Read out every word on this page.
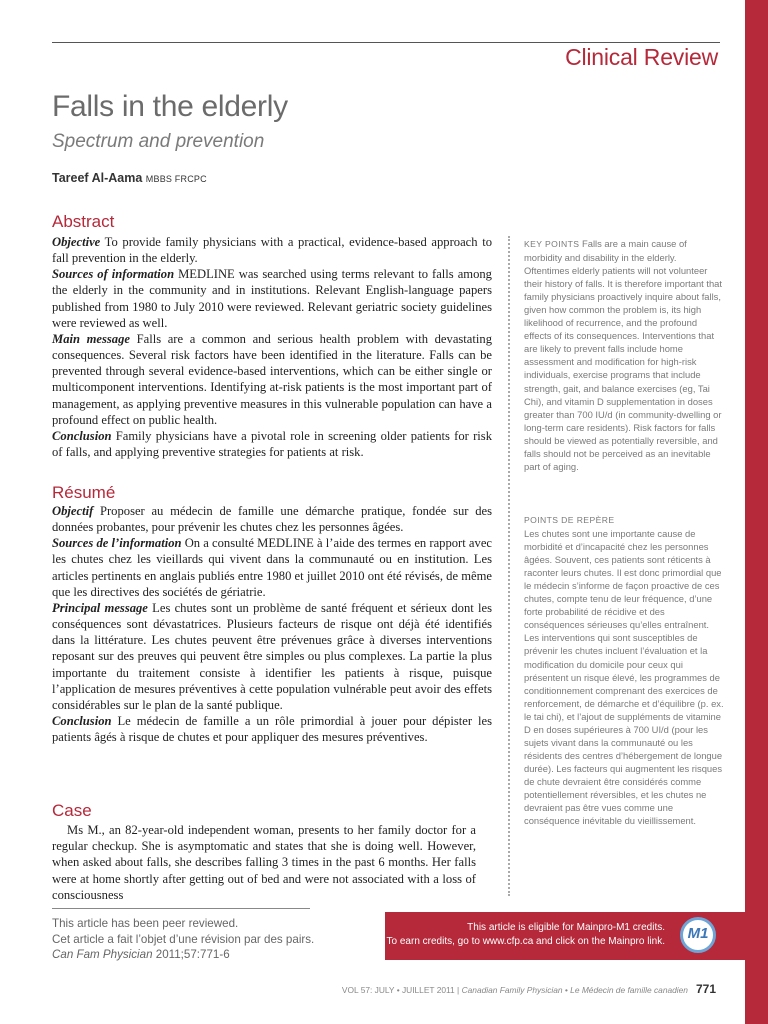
Clinical Review
Falls in the elderly
Spectrum and prevention
Tareef Al-Aama MBBS FRCPC
Abstract

Objective To provide family physicians with a practical, evidence-based approach to fall prevention in the elderly.

Sources of information MEDLINE was searched using terms relevant to falls among the elderly in the community and in institutions. Relevant English-language papers published from 1980 to July 2010 were reviewed. Relevant geriatric society guidelines were reviewed as well.

Main message Falls are a common and serious health problem with devastating consequences. Several risk factors have been identified in the literature. Falls can be prevented through several evidence-based interventions, which can be either single or multicomponent interventions. Identifying at-risk patients is the most important part of management, as applying preventive measures in this vulnerable population can have a profound effect on public health.

Conclusion Family physicians have a pivotal role in screening older patients for risk of falls, and applying preventive strategies for patients at risk.

Résumé

Objectif Proposer au médecin de famille une démarche pratique, fondée sur des données probantes, pour prévenir les chutes chez les personnes âgées.

Sources de l’information On a consulté MEDLINE à l’aide des termes en rapport avec les chutes chez les vieillards qui vivent dans la communauté ou en institution. Les articles pertinents en anglais publiés entre 1980 et juillet 2010 ont été révisés, de même que les directives des sociétés de gériatrie.

Principal message Les chutes sont un problème de santé fréquent et sérieux dont les conséquences sont dévastatrices. Plusieurs facteurs de risque ont déjà été identifiés dans la littérature. Les chutes peuvent être prévenues grâce à diverses interventions reposant sur des preuves qui peuvent être simples ou plus complexes. La partie la plus importante du traitement consiste à identifier les patients à risque, puisque l’application de mesures préventives à cette population vulnérable peut avoir des effets considérables sur le plan de la santé publique.

Conclusion Le médecin de famille a un rôle primordial à jouer pour dépister les patients âgés à risque de chutes et pour appliquer des mesures préventives.

Case

Ms M., an 82-year-old independent woman, presents to her family doctor for a regular checkup. She is asymptomatic and states that she is doing well. However, when asked about falls, she describes falling 3 times in the past 6 months. Her falls were at home shortly after getting out of bed and were not associated with a loss of consciousness

KEY POINTS Falls are a main cause of morbidity and disability in the elderly. Oftentimes elderly patients will not volunteer their history of falls. It is therefore important that family physicians proactively inquire about falls, given how common the problem is, its high likelihood of recurrence, and the profound effects of its consequences. Interventions that are likely to prevent falls include home assessment and modification for high-risk individuals, exercise programs that include strength, gait, and balance exercises (eg, Tai Chi), and vitamin D supplementation in doses greater than 700 IU/d (in community-dwelling or long-term care residents). Risk factors for falls should be viewed as potentially reversible, and falls should not be perceived as an inevitable part of aging.

POINTS DE REPÈRE

Les chutes sont une importante cause de morbidité et d’incapacité chez les personnes âgées. Souvent, ces patients sont réticents à raconter leurs chutes. Il est donc primordial que le médecin s’informe de façon proactive de ces chutes, compte tenu de leur fréquence, d’une forte probabilité de récidive et des conséquences sérieuses qu’elles entraînent. Les interventions qui sont susceptibles de prévenir les chutes incluent l’évaluation et la modification du domicile pour ceux qui présentent un risque élevé, les programmes de conditionnement comprenant des exercices de renforcement, de démarche et d’équilibre (p. ex. le tai chi), et l’ajout de suppléments de vitamine D en doses supérieures à 700 UI/d (pour les sujets vivant dans la communauté ou les résidents des centres d’hébergement de longue durée). Les facteurs qui augmentent les risques de chute devraient être considérés comme potentiellement réversibles, et les chutes ne devraient pas être vues comme une conséquence inévitable du vieillissement.

This article has been peer reviewed.
Cet article a fait l’objet d’une révision par des pairs.
Can Fam Physician 2011;57:771-6
This article is eligible for Mainpro-M1 credits.
To earn credits, go to www.cfp.ca and click on the Mainpro link.	M1
VOL 57: JULY • JUILLET 2011 | Canadian Family Physician • Le Médecin de famille canadien 771
